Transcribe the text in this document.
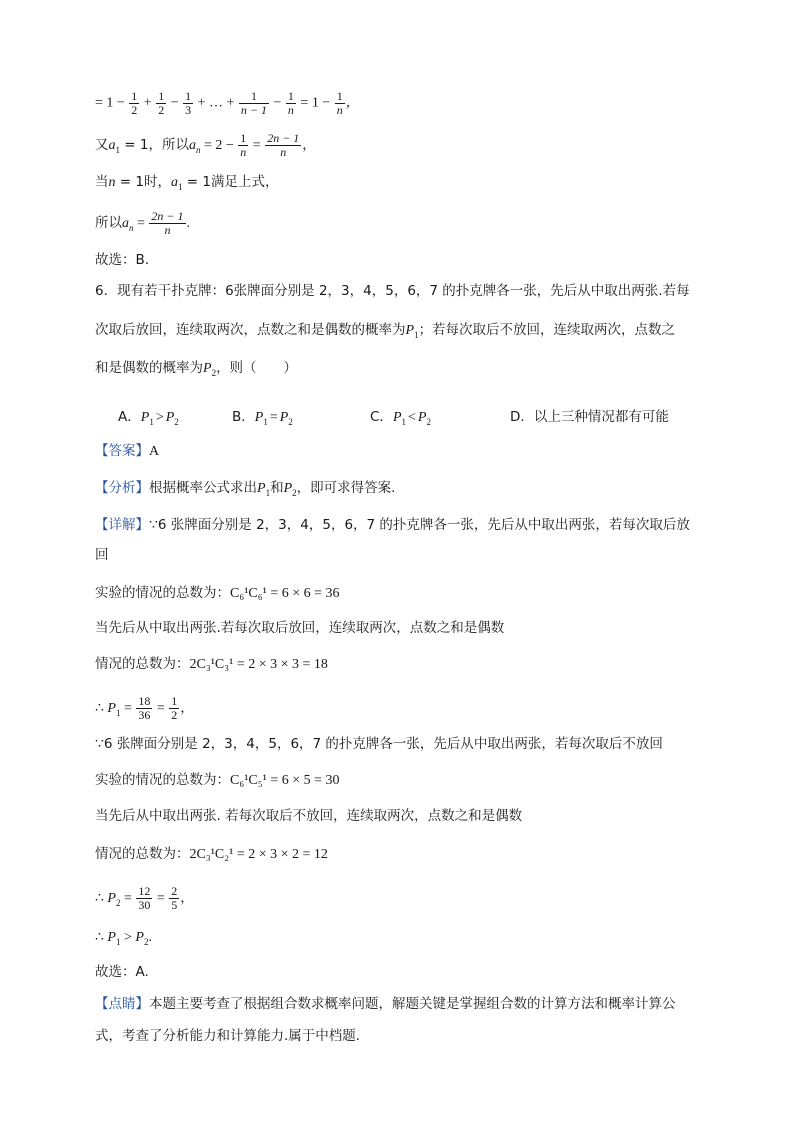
= $1 - \frac{1}{2} + \frac{1}{2} - \frac{1}{3}$ + … + $\frac{1}{n - 1} - \frac{1}{n} = 1 - \frac{1}{n}$ ，
又$a_1 = 1$，所以$a_n = 2 - \frac{1}{n} = \frac{2n - 1}{n}$ ，
当n = 1时，$a_1 = 1$满足上式，
所以$a_n = \frac{2n - 1}{n}$ .
故选：B.
6．现有若干扑克牌：6张牌面分别是 2，3，4，5，6，7 的扑克牌各一张，先后从中取出两张.若每
次取后放回，连续取两次，点数之和是偶数的概率为$P_1$；若每次取后不放回，连续取两次，点数之
和是偶数的概率为$P_2$，则（　　）
A．$P_1 > P_2$	B．$P_1 = P_2$	C．$P_1 < P_2$	D．以上三种情况都有可能
【答案】A
【分析】根据概率公式求出$P_1$和$P_2$，即可求得答案.
【详解】∵6 张牌面分别是 2，3，4，5，6，7 的扑克牌各一张，先后从中取出两张，若每次取后放
回
实验的情况的总数为：C₆¹C₆¹ = 6 × 6 = 36
当先后从中取出两张.若每次取后放回，连续取两次，点数之和是偶数
情况的总数为：2C₃¹C₃¹ = 2 × 3 × 3 = 18
∴ $P_1 = \frac{18}{36} = \frac{1}{2}$ ，
∵6 张牌面分别是 2，3，4，5，6，7 的扑克牌各一张，先后从中取出两张，若每次取后不放回
实验的情况的总数为：C₆¹C₅¹ = 6 × 5 = 30
当先后从中取出两张. 若每次取后不放回，连续取两次，点数之和是偶数
情况的总数为：2C₃¹C₂¹ = 2 × 3 × 2 = 12
∴ $P_2 = \frac{12}{30} = \frac{2}{5}$ ，
∴ $P_1 > P_2$.
故选：A.
【点睛】本题主要考查了根据组合数求概率问题，解题关键是掌握组合数的计算方法和概率计算公
式，考查了分析能力和计算能力.属于中档题.
